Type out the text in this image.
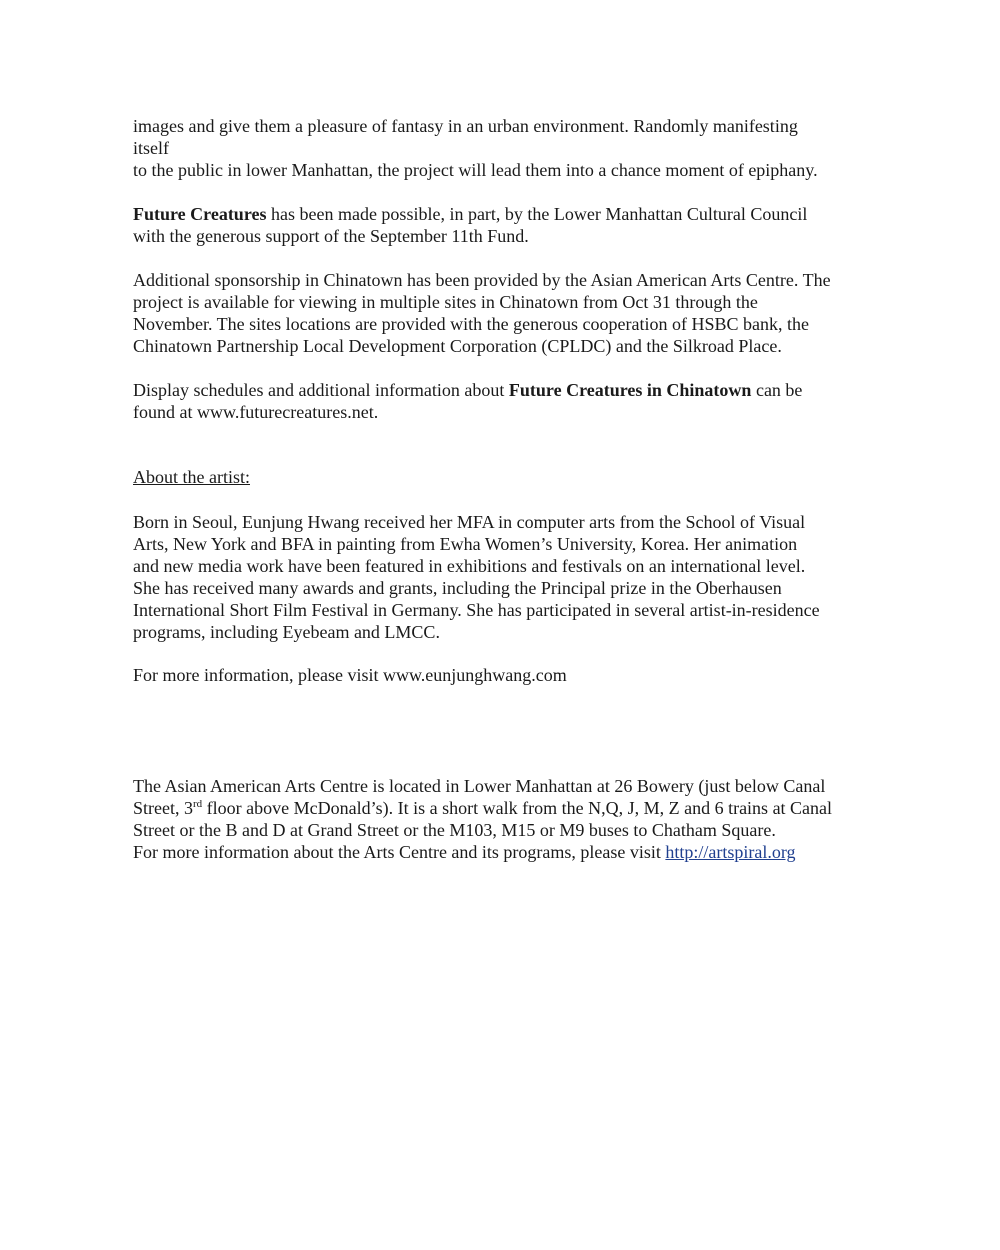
images and give them a pleasure of fantasy in an urban environment. Randomly manifesting
itself
to the public in lower Manhattan, the project will lead them into a chance moment of epiphany.
Future Creatures has been made possible, in part, by the Lower Manhattan Cultural Council
with the generous support of the September 11th Fund.
Additional sponsorship in Chinatown has been provided by the Asian American Arts Centre. The
project is available for viewing in multiple sites in Chinatown from Oct 31 through the
November. The sites locations are provided with the generous cooperation of HSBC bank, the
Chinatown Partnership Local Development Corporation (CPLDC) and the Silkroad Place.
Display schedules and additional information about Future Creatures in Chinatown can be
found at www.futurecreatures.net.
About the artist:
Born in Seoul, Eunjung Hwang received her MFA in computer arts from the School of Visual
Arts, New York and BFA in painting from Ewha Women’s University, Korea. Her animation
and new media work have been featured in exhibitions and festivals on an international level.
She has received many awards and grants, including the Principal prize in the Oberhausen
International Short Film Festival in Germany. She has participated in several artist-in-residence
programs, including Eyebeam and LMCC.
For more information, please visit www.eunjunghwang.com
The Asian American Arts Centre is located in Lower Manhattan at 26 Bowery (just below Canal
Street, 3rd floor above McDonald’s). It is a short walk from the N,Q, J, M, Z and 6 trains at Canal
Street or the B and D at Grand Street or the M103, M15 or M9 buses to Chatham Square.
For more information about the Arts Centre and its programs, please visit http://artspiral.org
